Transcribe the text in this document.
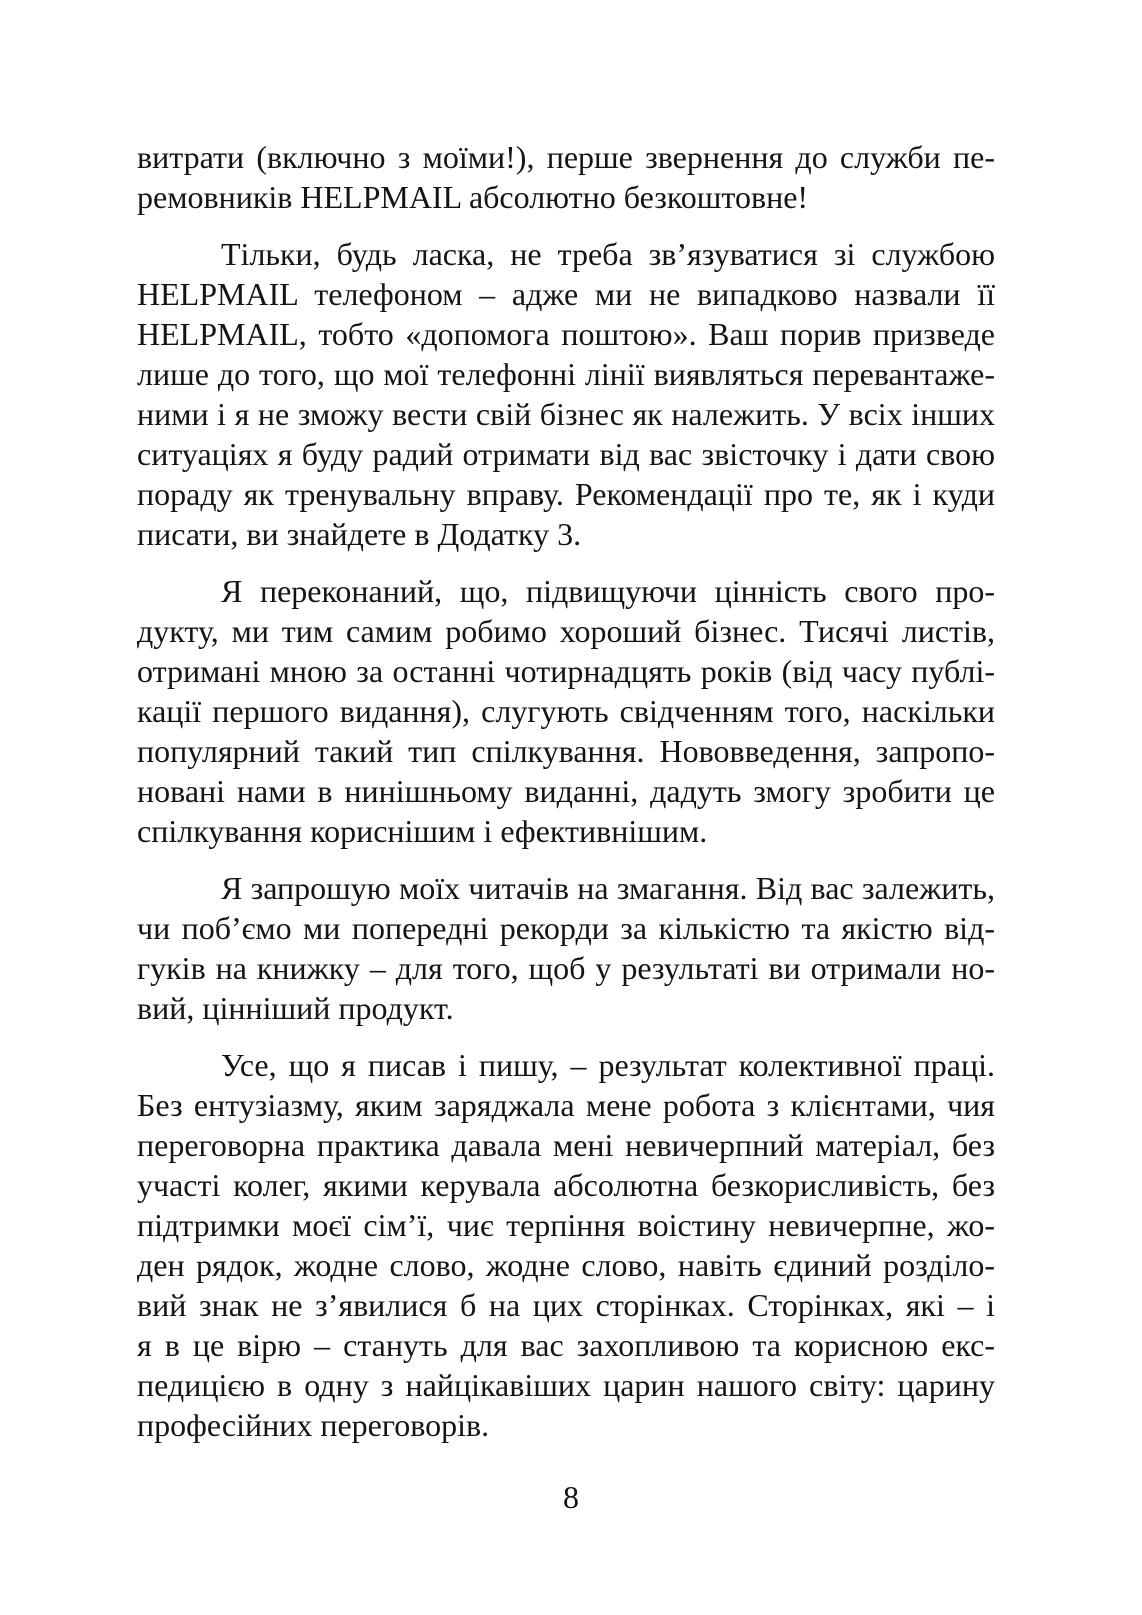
витрати (включно з моїми!), перше звернення до служби пе-
ремовників HELPMAIL абсолютно безкоштовне!
Тільки, будь ласка, не треба зв’язуватися зі службою
HELPMAIL телефоном – адже ми не випадково назвали її
HELPMAIL, тобто «допомога поштою». Ваш порив призведе
лише до того, що мої телефонні лінії виявляться перевантаже-
ними і я не зможу вести свій бізнес як належить. У всіх інших
ситуаціях я буду радий отримати від вас звісточку і дати свою
пораду як тренувальну вправу. Рекомендації про те, як і куди
писати, ви знайдете в Додатку 3.
Я переконаний, що, підвищуючи цінність свого про-
дукту, ми тим самим робимо хороший бізнес. Тисячі листів,
отримані мною за останні чотирнадцять років (від часу публі-
кації першого видання), слугують свідченням того, наскільки
популярний такий тип спілкування. Нововведення, запропо-
новані нами в нинішньому виданні, дадуть змогу зробити це
спілкування кориснішим і ефективнішим.
Я запрошую моїх читачів на змагання. Від вас залежить,
чи поб’ємо ми попередні рекорди за кількістю та якістю від-
гуків на книжку – для того, щоб у результаті ви отримали но-
вий, цінніший продукт.
Усе, що я писав і пишу, – результат колективної праці.
Без ентузіазму, яким заряджала мене робота з клієнтами, чия
переговорна практика давала мені невичерпний матеріал, без
участі колег, якими керувала абсолютна безкорисливість, без
підтримки моєї сім’ї, чиє терпіння воістину невичерпне, жо-
ден рядок, жодне слово, жодне слово, навіть єдиний розділо-
вий знак не з’явилися б на цих сторінках. Сторінках, які – і
я в це вірю – стануть для вас захопливою та корисною екс-
педицією в одну з найцікавіших царин нашого світу: царину
професійних переговорів.
8
